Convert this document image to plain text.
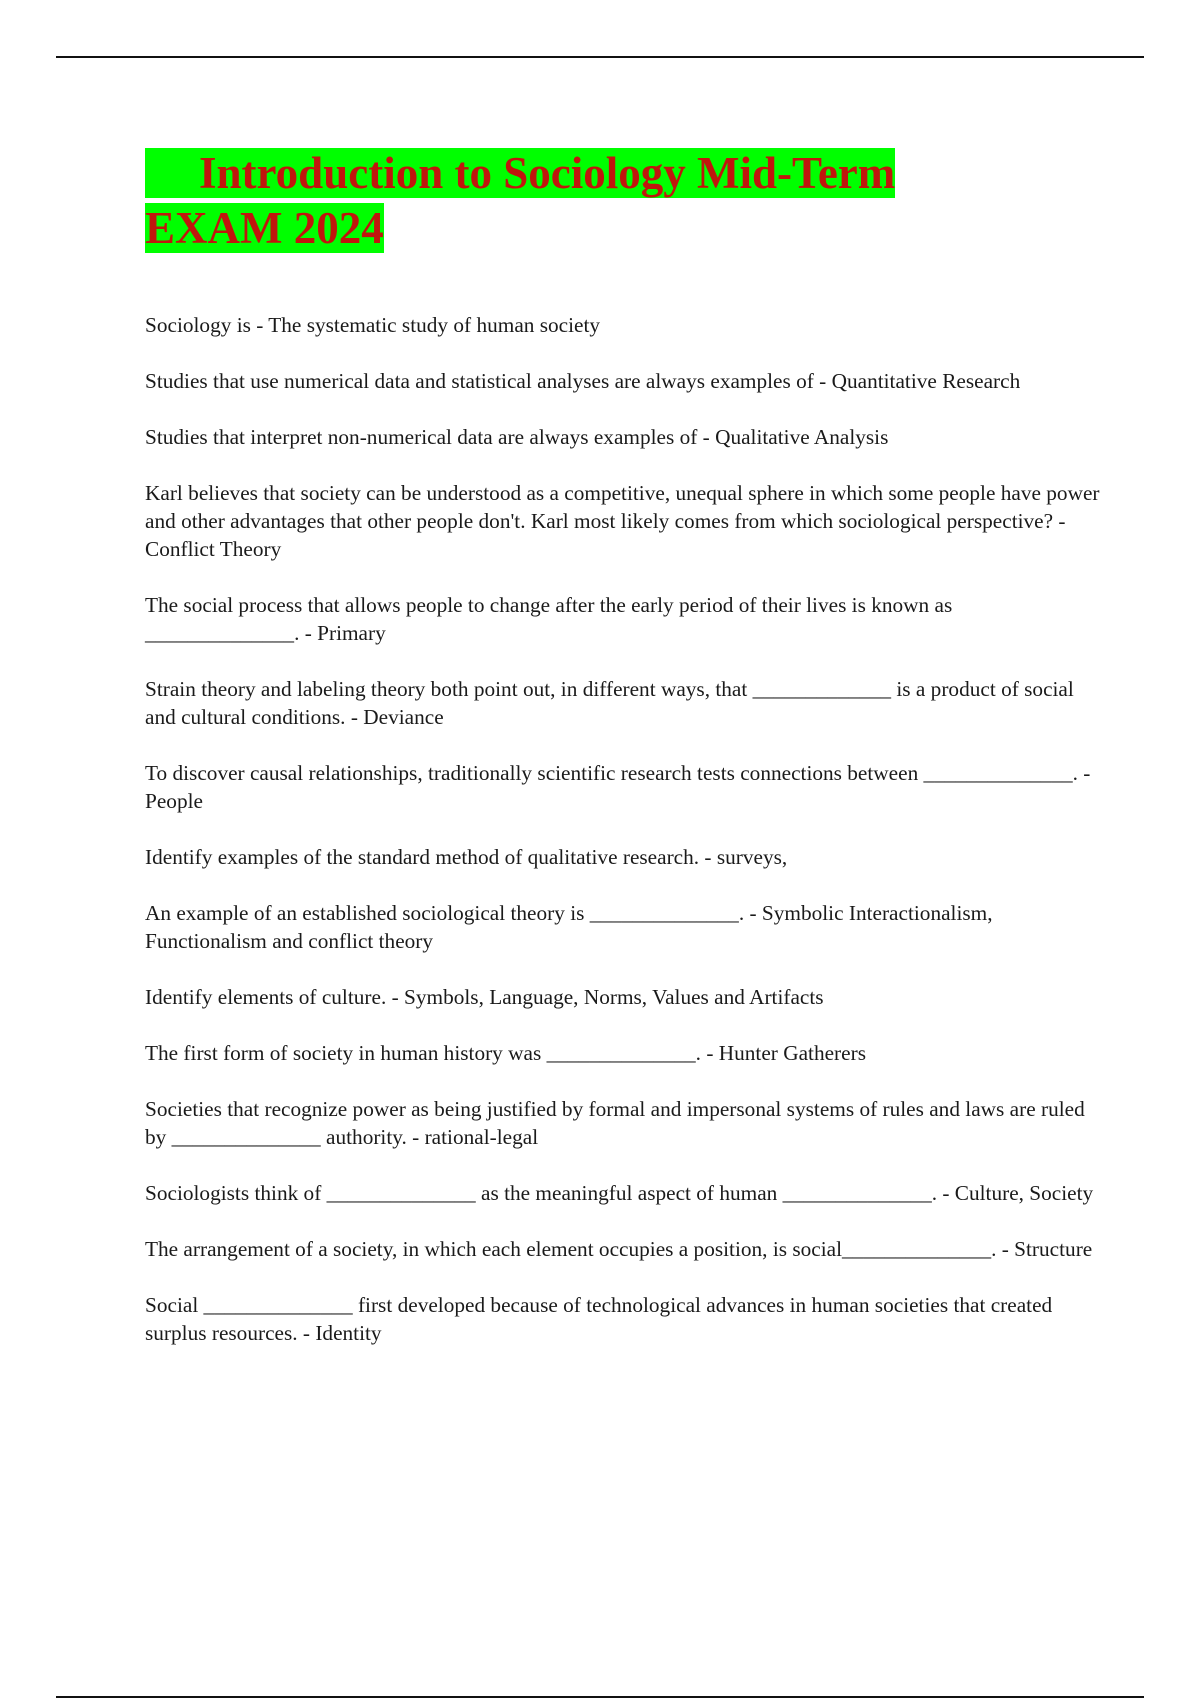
Introduction to Sociology Mid-Term
EXAM 2024
Sociology is - The systematic study of human society
Studies that use numerical data and statistical analyses are always examples of - Quantitative Research
Studies that interpret non-numerical data are always examples of - Qualitative Analysis
Karl believes that society can be understood as a competitive, unequal sphere in which some people have power and other advantages that other people don't. Karl most likely comes from which sociological perspective? - Conflict Theory
The social process that allows people to change after the early period of their lives is known as ______________. - Primary
Strain theory and labeling theory both point out, in different ways, that _____________ is a product of social and cultural conditions. - Deviance
To discover causal relationships, traditionally scientific research tests connections between ______________. - People
Identify examples of the standard method of qualitative research. - surveys,
An example of an established sociological theory is ______________. - Symbolic Interactionalism, Functionalism and conflict theory
Identify elements of culture. - Symbols, Language, Norms, Values and Artifacts
The first form of society in human history was ______________. - Hunter Gatherers
Societies that recognize power as being justified by formal and impersonal systems of rules and laws are ruled by ______________ authority. - rational-legal
Sociologists think of ______________ as the meaningful aspect of human ______________. - Culture, Society
The arrangement of a society, in which each element occupies a position, is social______________. - Structure
Social ______________ first developed because of technological advances in human societies that created surplus resources. - Identity
